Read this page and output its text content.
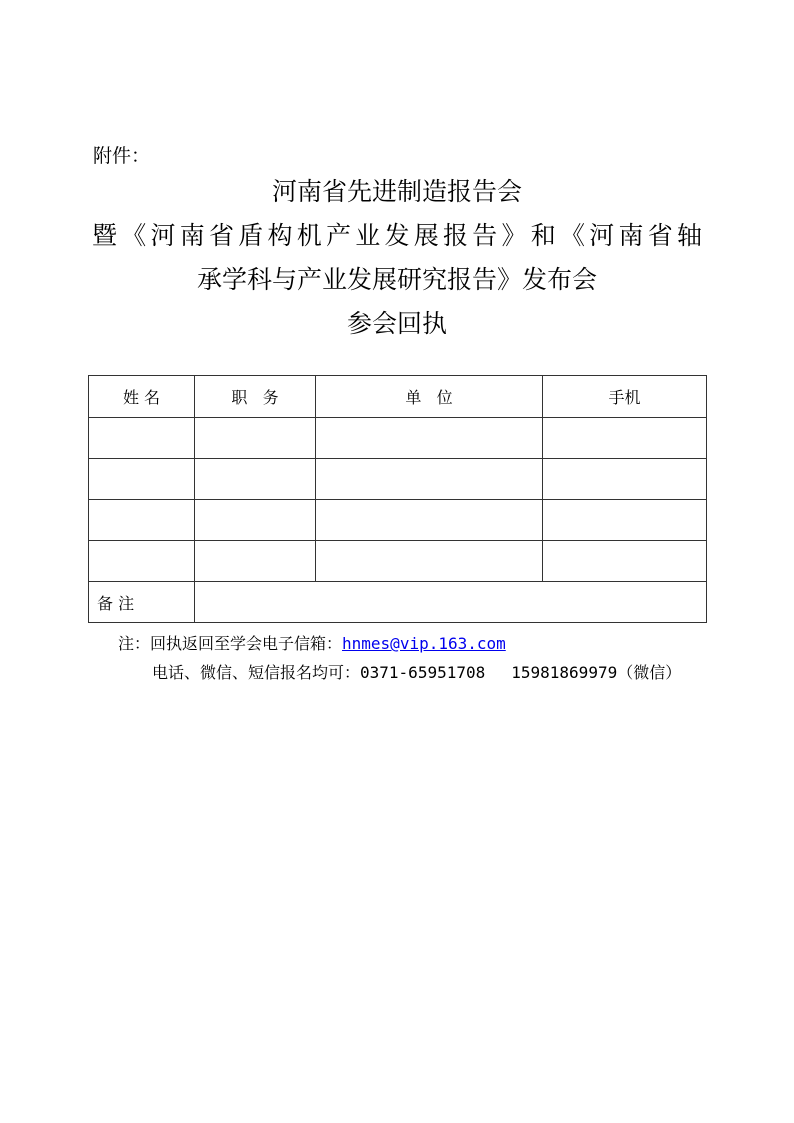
附件：
河南省先进制造报告会
暨《河南省盾构机产业发展报告》和《河南省轴
承学科与产业发展研究报告》发布会
参会回执
姓 名	职   务	单   位	手机

备 注			
注：回执返回至学会电子信箱：hnmes@vip.163.com
电话、微信、短信报名均可：0371-65951708 15981869979（微信）
